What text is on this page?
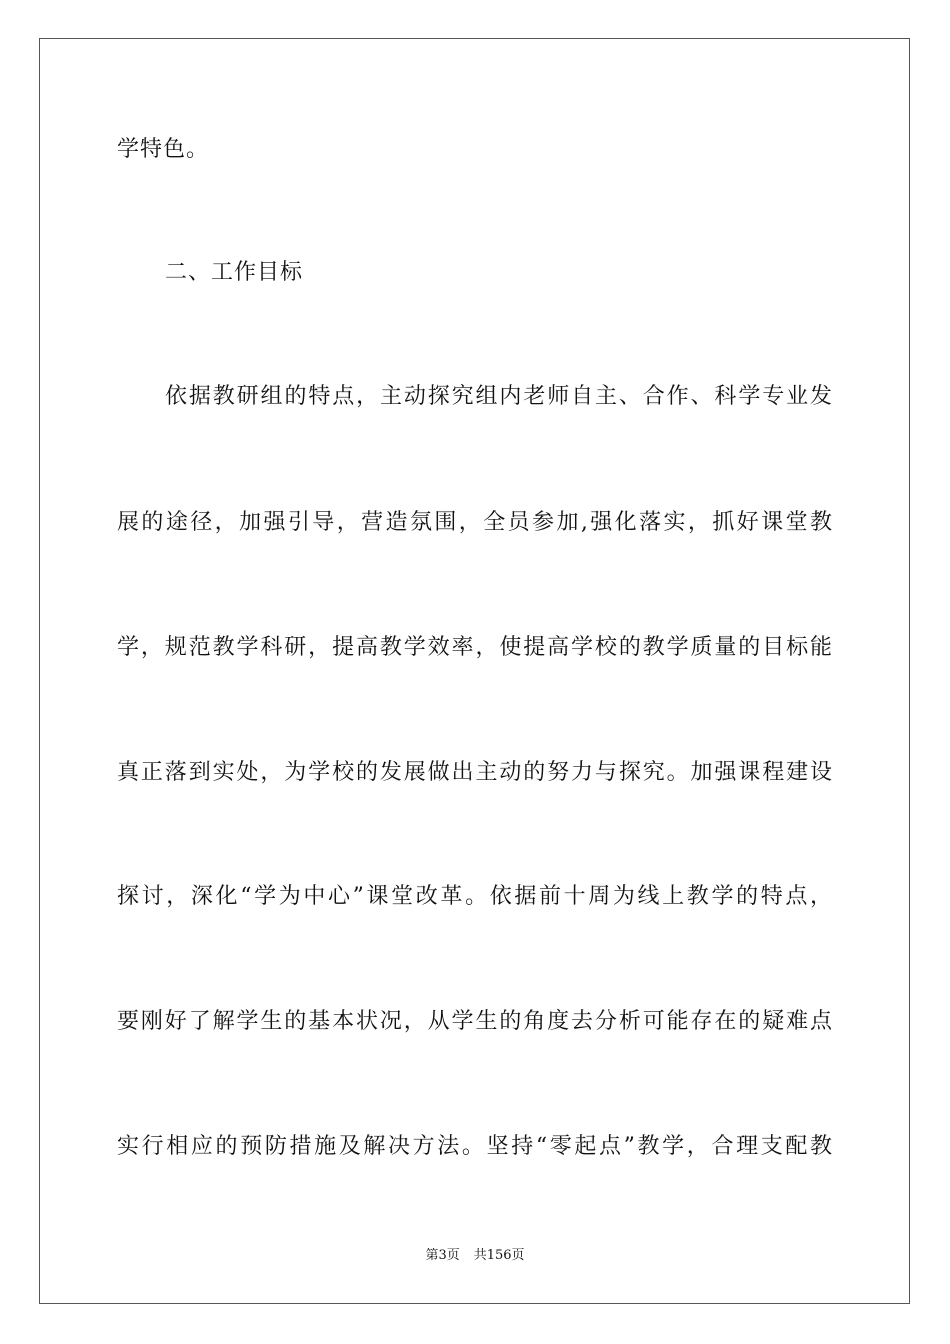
学特色。
二、工作目标
依据教研组的特点，主动探究组内老师自主、合作、科学专业发
展的途径，加强引导，营造氛围，全员参加,强化落实，抓好课堂教
学，规范教学科研，提高教学效率，使提高学校的教学质量的目标能
真正落到实处，为学校的发展做出主动的努力与探究。加强课程建设
探讨，深化“学为中心”课堂改革。依据前十周为线上教学的特点，
要刚好了解学生的基本状况，从学生的角度去分析可能存在的疑难点
实行相应的预防措施及解决方法。坚持“零起点”教学，合理支配教
第3页 共156页
